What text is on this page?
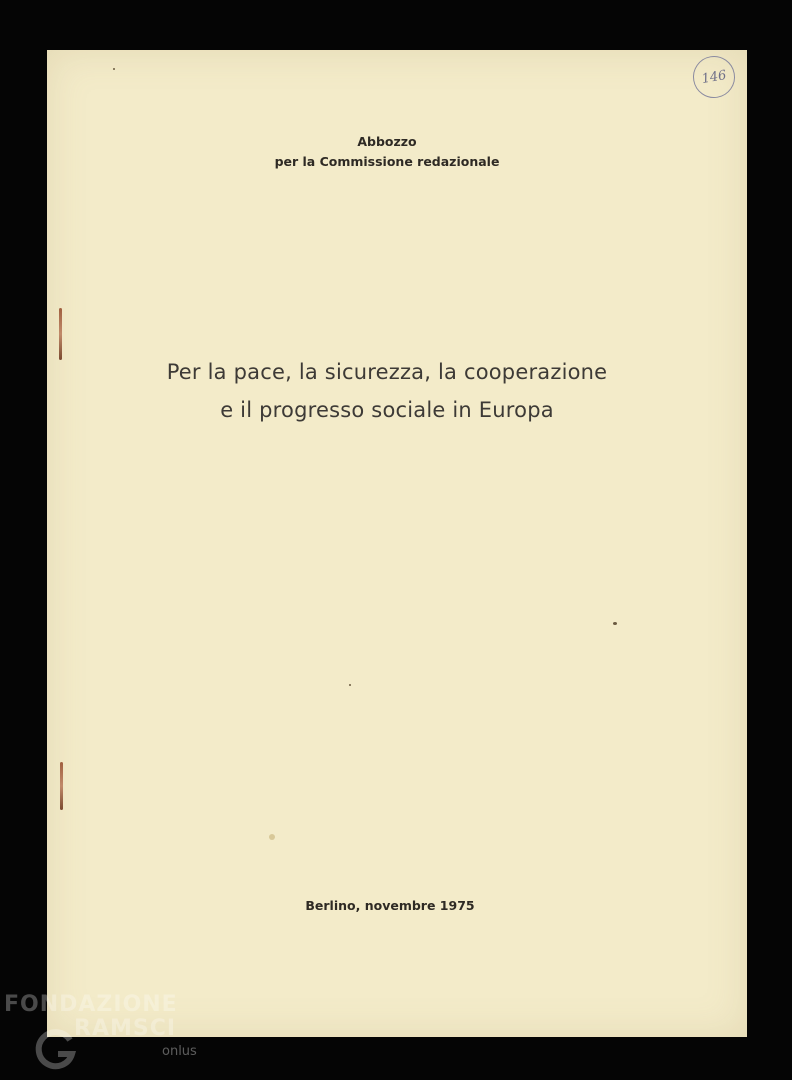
146
Abbozzo
per la Commissione redazionale
Per la pace, la sicurezza, la cooperazione
e il progresso sociale in Europa
Berlino, novembre 1975
FONDAZIONE
RAMSCI
onlus
